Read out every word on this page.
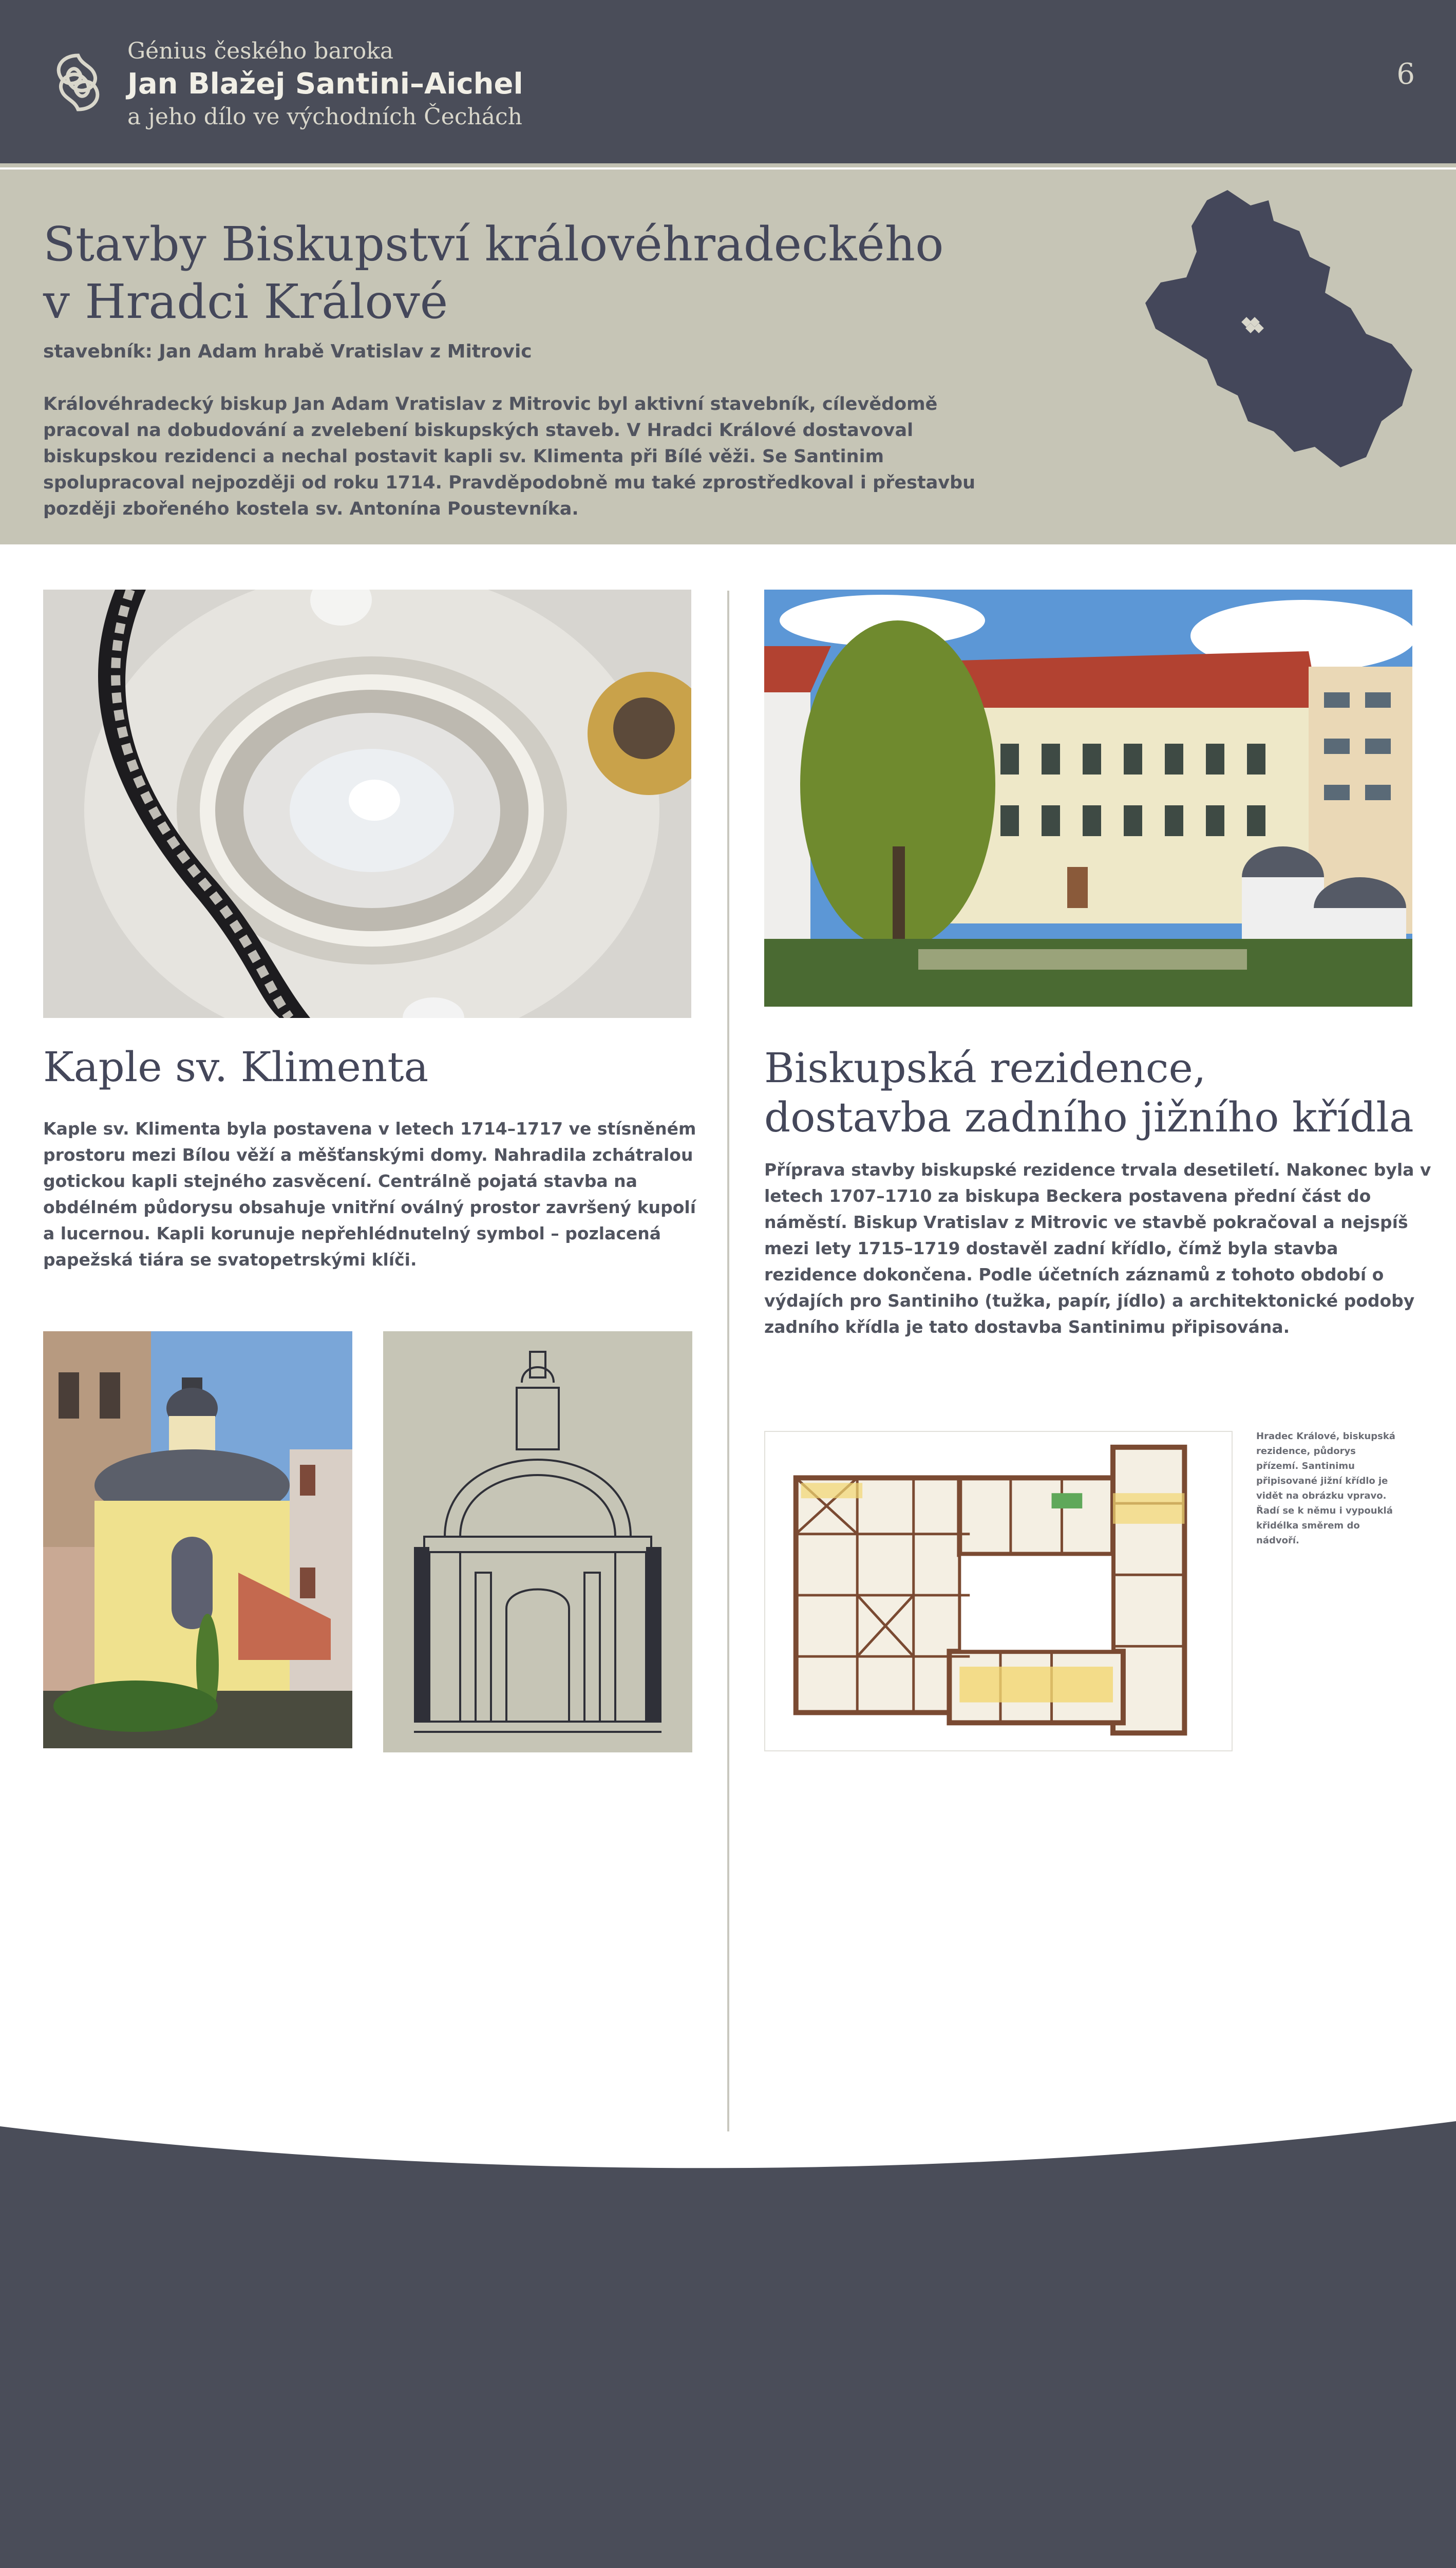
Génius českého baroka
Jan Blažej Santini–Aichel
a jeho dílo ve východních Čechách
6
Stavby Biskupství královéhradeckého
v Hradci Králové
stavebník: Jan Adam hrabě Vratislav z Mitrovic
Královéhradecký biskup Jan Adam Vratislav z Mitrovic byl aktivní stavebník, cílevědomě pracoval na dobudování a zvelebení biskupských staveb. V Hradci Králové dostavoval biskupskou rezidenci a nechal postavit kapli sv. Klimenta při Bílé věži. Se Santinim spolupracoval nejpozději od roku 1714. Pravděpodobně mu také zprostředkoval i přestavbu později zbořeného kostela sv. Antonína Poustevníka.
Kaple sv. Klimenta
Kaple sv. Klimenta byla postavena v letech 1714–1717 ve stísněném prostoru mezi Bílou věží a měšťanskými domy. Nahradila zchátralou gotickou kapli stejného zasvěcení. Centrálně pojatá stavba na obdélném půdorysu obsahuje vnitřní oválný prostor završený kupolí a lucernou. Kapli korunuje nepřehlédnutelný symbol – pozlacená papežská tiára se svatopetrskými klíči.
Biskupská rezidence,
dostavba zadního jižního křídla
Příprava stavby biskupské rezidence trvala desetiletí. Nakonec byla v letech 1707–1710 za biskupa Beckera postavena přední část do náměstí. Biskup Vratislav z Mitrovic ve stavbě pokračoval a nejspíš mezi lety 1715–1719 dostavěl zadní křídlo, čímž byla stavba rezidence dokončena. Podle účetních záznamů z tohoto období o výdajích pro Santiniho (tužka, papír, jídlo) a architektonické podoby zadního křídla je tato dostavba Santinimu připisována.
Hradec Králové, biskupská rezidence, půdorys přízemí. Santinimu připisované jižní křídlo je vidět na obrázku vpravo. Řadí se k němu i vypouklá křidélka směrem do nádvoří.
